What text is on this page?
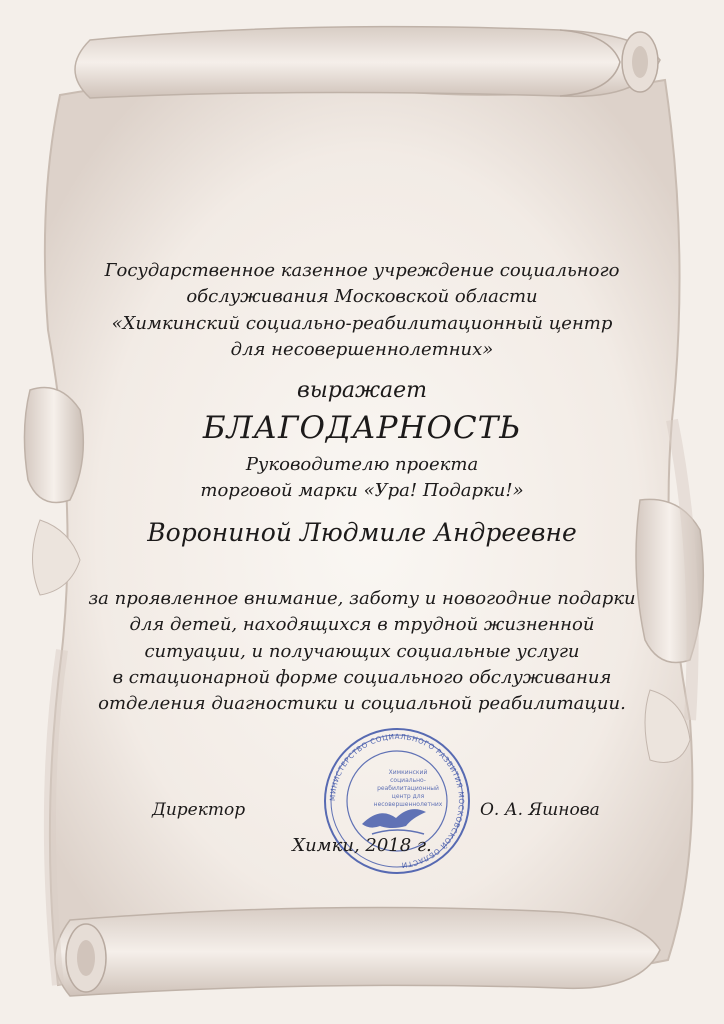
Государственное казенное учреждение социального
обслуживания Московской области
«Химкинский социально-реабилитационный центр
для несовершеннолетних»
выражает
БЛАГОДАРНОСТЬ
Руководителю проекта
торговой марки «Ура! Подарки!»
Ворониной Людмиле Андреевне
за проявленное внимание, заботу и новогодние подарки
для детей, находящихся в трудной жизненной
ситуации, и получающих социальные услуги
в стационарной форме социального обслуживания
отделения диагностики и социальной реабилитации.
МИНИСТЕРСТВО СОЦИАЛЬНОГО РАЗВИТИЯ МОСКОВСКОЙ ОБЛАСТИ
Химкинский
социально-
реабилитационный
центр для
несовершеннолетних
Директор	О. А. Яшнова
Химки, 2018 г.
